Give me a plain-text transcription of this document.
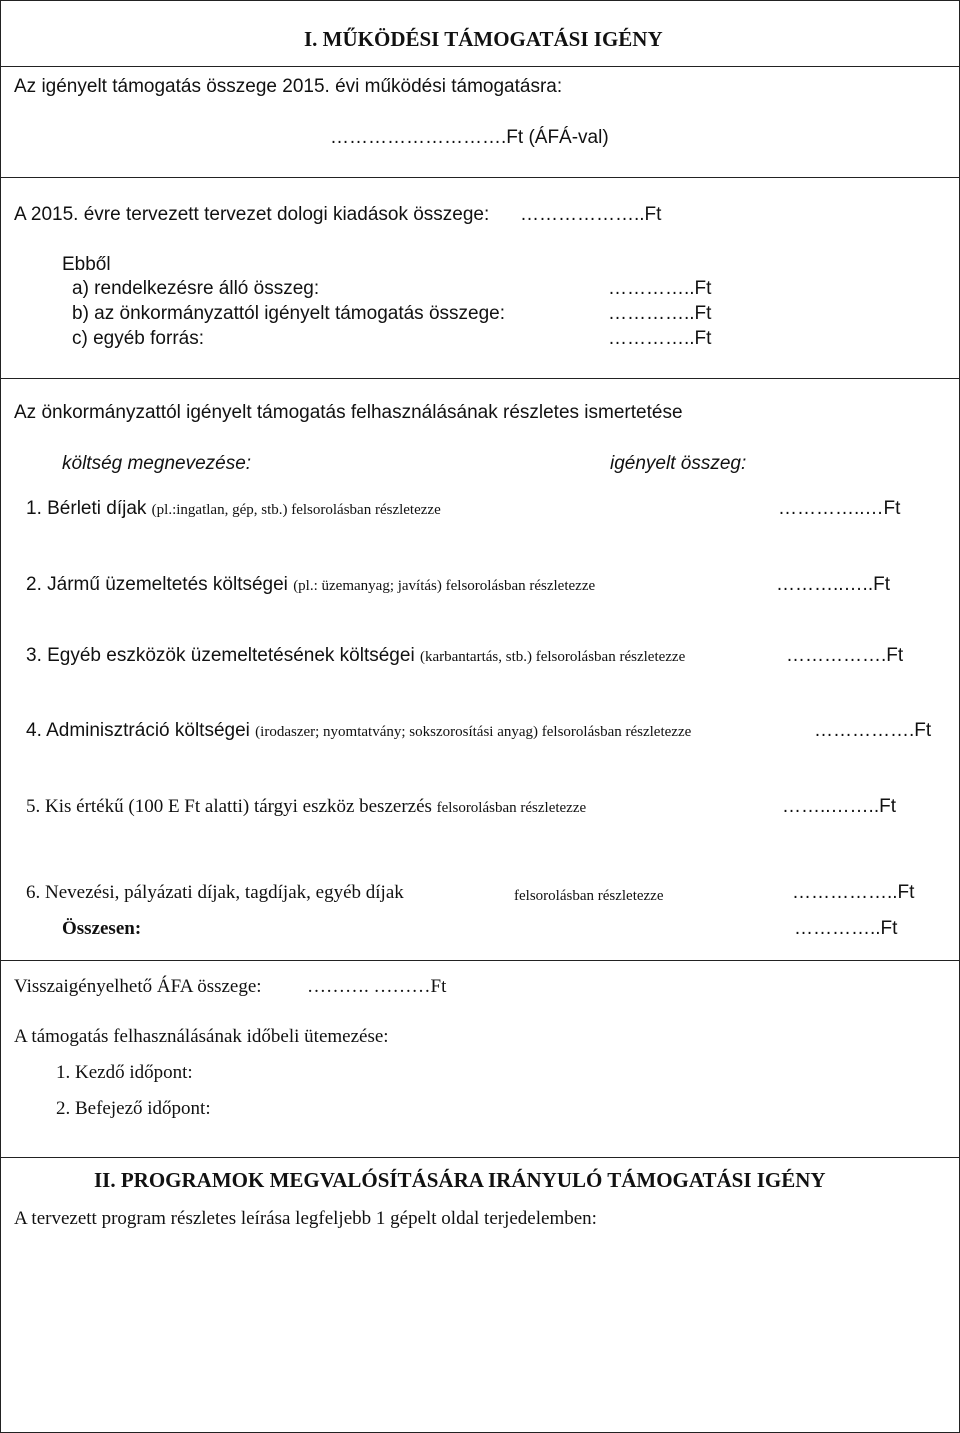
I. MŰKÖDÉSI TÁMOGATÁSI IGÉNY
Az igényelt támogatás összege 2015. évi működési támogatásra:
……………………….Ft (ÁFÁ-val)
A 2015. évre tervezett tervezet dologi kiadások összege: ………………..Ft
Ebből
a) rendelkezésre álló összeg:	…………..Ft
b) az önkormányzattól igényelt támogatás összege:	…………..Ft
c) egyéb forrás:	…………..Ft
Az önkormányzattól igényelt támogatás felhasználásának részletes ismertetése
költség megnevezése:	igényelt összeg:
1. Bérleti díjak (pl.:ingatlan, gép, stb.) felsorolásban részletezze	…………..…Ft
2. Jármű üzemeltetés költségei (pl.: üzemanyag; javítás) felsorolásban részletezze	………..…..Ft
3. Egyéb eszközök üzemeltetésének költségei (karbantartás, stb.) felsorolásban részletezze	…………….Ft
4. Adminisztráció költségei (irodaszer; nyomtatvány; sokszorosítási anyag) felsorolásban részletezze	…………….Ft
5. Kis értékű (100 E Ft alatti) tárgyi eszköz beszerzés felsorolásban részletezze	……..……..Ft
6. Nevezési, pályázati díjak, tagdíjak, egyéb díjak	felsorolásban részletezze	……………..Ft
Összesen:	…………..Ft
Visszaigényelhető ÁFA összege: ………. ………Ft
A támogatás felhasználásának időbeli ütemezése:
1. Kezdő időpont:
2. Befejező időpont:
II. PROGRAMOK MEGVALÓSÍTÁSÁRA IRÁNYULÓ TÁMOGATÁSI IGÉNY
A tervezett program részletes leírása legfeljebb 1 gépelt oldal terjedelemben:
